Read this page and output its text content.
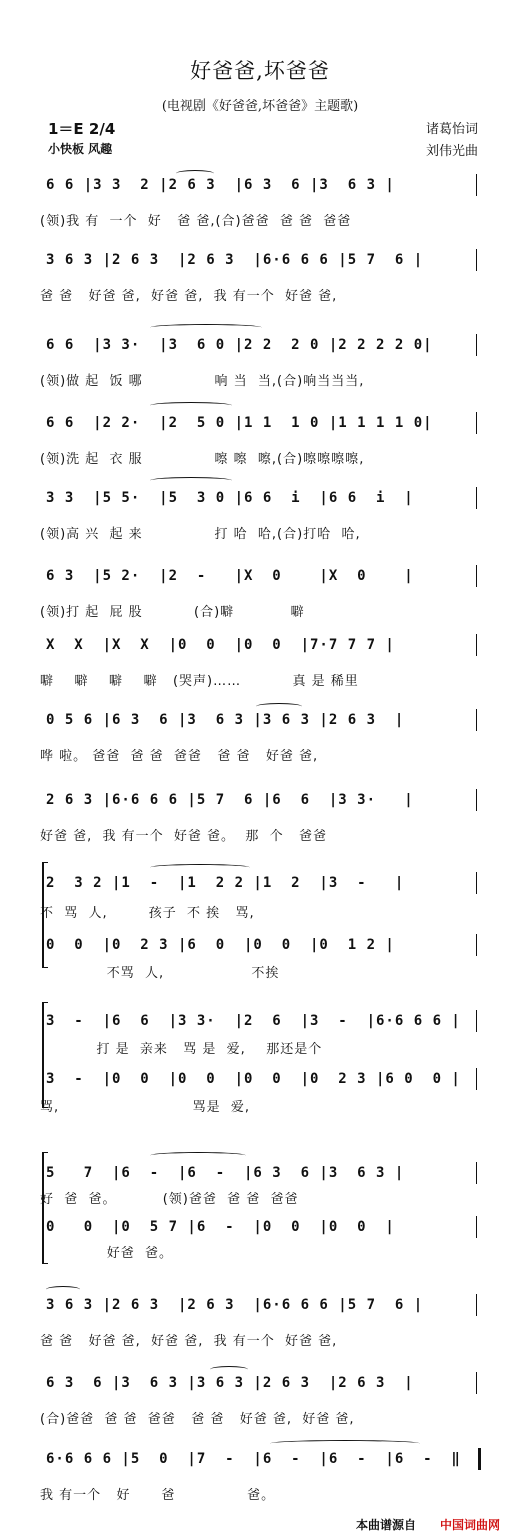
好爸爸,坏爸爸
(电视剧《好爸爸,坏爸爸》主题歌)
1＝E 2/4
小快板 风趣
诸葛怡词
刘伟光曲
6 6 |3 3  2 |2 6 3  |6 3  6 |3  6 3 |
(领)我 有  一个  好   爸 爸,(合)爸爸  爸 爸  爸爸
3 6 3 |2 6 3  |2 6 3  |6·6 6 6 |5 7  6 |
爸 爸   好爸 爸,  好爸 爸,  我 有一个  好爸 爸,
6 6  |3 3·  |3  6 0 |2 2  2 0 |2 2 2 2 0|
(领)做 起  饭 哪              响 当  当,(合)响当当当,
6 6  |2 2·  |2  5 0 |1 1  1 0 |1 1 1 1 0|
(领)洗 起  衣 服              嚓 嚓  嚓,(合)嚓嚓嚓嚓,
3 3  |5 5·  |5  3 0 |6 6  i  |6 6  i  |
(领)高 兴  起 来              打 哈  哈,(合)打哈  哈,
6 3  |5 2·  |2  -   |X  0    |X  0    |
(领)打 起  屁 股          (合)噼           噼
X  X  |X  X  |0  0  |0  0  |7·7 7 7 |
噼    噼    噼    噼   (哭声)……          真 是 稀里
0 5 6 |6 3  6 |3  6 3 |3 6 3 |2 6 3  |
哗 啦。 爸爸  爸 爸  爸爸   爸 爸   好爸 爸,
2 6 3 |6·6 6 6 |5 7  6 |6  6  |3 3·   |
好爸 爸,  我 有一个  好爸 爸。  那  个   爸爸
2  3 2 |1  -  |1  2 2 |1  2  |3  -   |
不  骂  人,        孩子  不 挨   骂,
0  0  |0  2 3 |6  0  |0  0  |0  1 2 |
不骂  人,                 不挨
3  -  |6  6  |3 3·  |2  6  |3  -  |6·6 6 6 |
打 是  亲来   骂 是  爱,    那还是个
3  -  |0  0  |0  0  |0  0  |0  2 3 |6 0  0 |
骂,                          骂是  爱,
5   7  |6  -  |6  -  |6 3  6 |3  6 3 |
好  爸  爸。         (领)爸爸  爸 爸  爸爸
0   0  |0  5 7 |6  -  |0  0  |0  0  |
好爸  爸。
3 6 3 |2 6 3  |2 6 3  |6·6 6 6 |5 7  6 |
爸 爸   好爸 爸,  好爸 爸,  我 有一个  好爸 爸,
6 3  6 |3  6 3 |3 6 3 |2 6 3  |2 6 3  |
(合)爸爸  爸 爸  爸爸   爸 爸   好爸 爸,  好爸 爸,
6·6 6 6 |5  0  |7  -  |6  -  |6  -  |6  -  ‖
我 有一个   好      爸              爸。
本曲谱源自 中国词曲网
